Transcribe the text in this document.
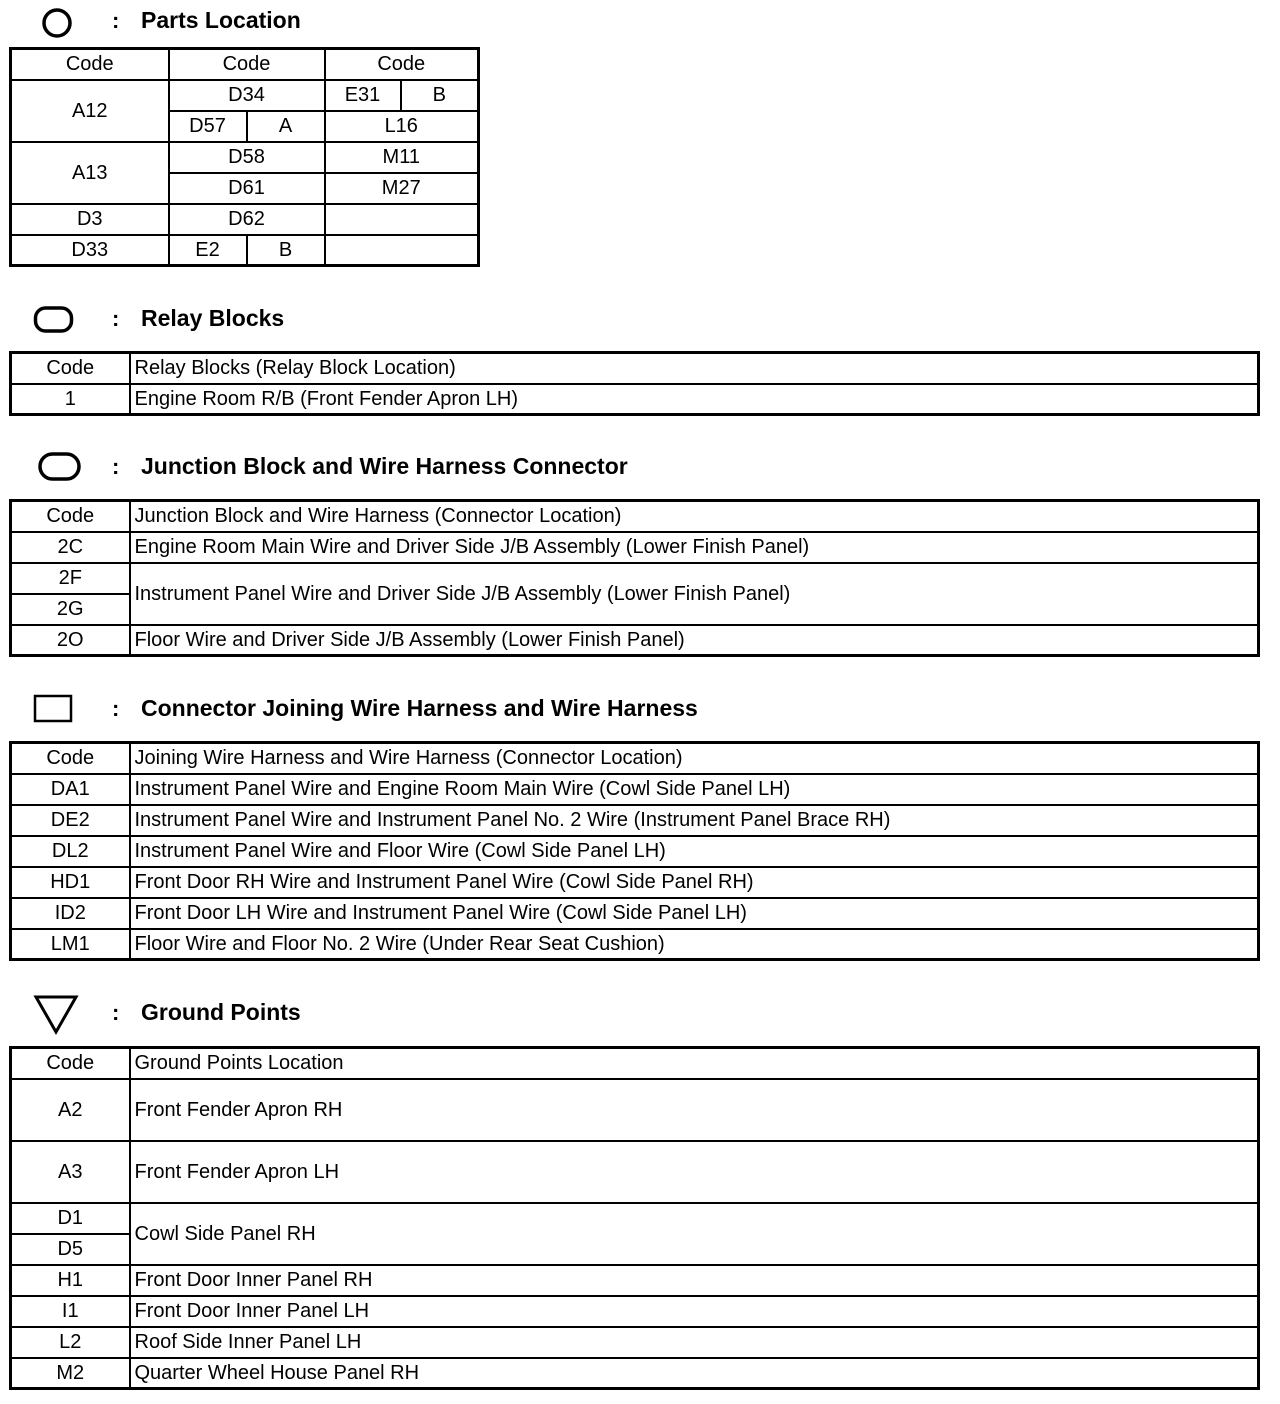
: Parts Location
Code	Code		Code	
A12	D34		E31	B
	D57	A	L16	
A13	D58		M11	
	D61		M27	
D3	D62			
D33	E2	B		
: Relay Blocks
Code	Relay Blocks (Relay Block Location)
1	Engine Room R/B (Front Fender Apron LH)
: Junction Block and Wire Harness Connector
Code	Junction Block and Wire Harness (Connector Location)
2C	Engine Room Main Wire and Driver Side J/B Assembly (Lower Finish Panel)
2F	Instrument Panel Wire and Driver Side J/B Assembly (Lower Finish Panel)
2G	
2O	Floor Wire and Driver Side J/B Assembly (Lower Finish Panel)
: Connector Joining Wire Harness and Wire Harness
Code	Joining Wire Harness and Wire Harness (Connector Location)
DA1	Instrument Panel Wire and Engine Room Main Wire (Cowl Side Panel LH)
DE2	Instrument Panel Wire and Instrument Panel No. 2 Wire (Instrument Panel Brace RH)
DL2	Instrument Panel Wire and Floor Wire (Cowl Side Panel LH)
HD1	Front Door RH Wire and Instrument Panel Wire (Cowl Side Panel RH)
ID2	Front Door LH Wire and Instrument Panel Wire (Cowl Side Panel LH)
LM1	Floor Wire and Floor No. 2 Wire (Under Rear Seat Cushion)
: Ground Points
Code	Ground Points Location
A2	Front Fender Apron RH
A3	Front Fender Apron LH
D1	Cowl Side Panel RH
D5	
H1	Front Door Inner Panel RH
I1	Front Door Inner Panel LH
L2	Roof Side Inner Panel LH
M2	Quarter Wheel House Panel RH
